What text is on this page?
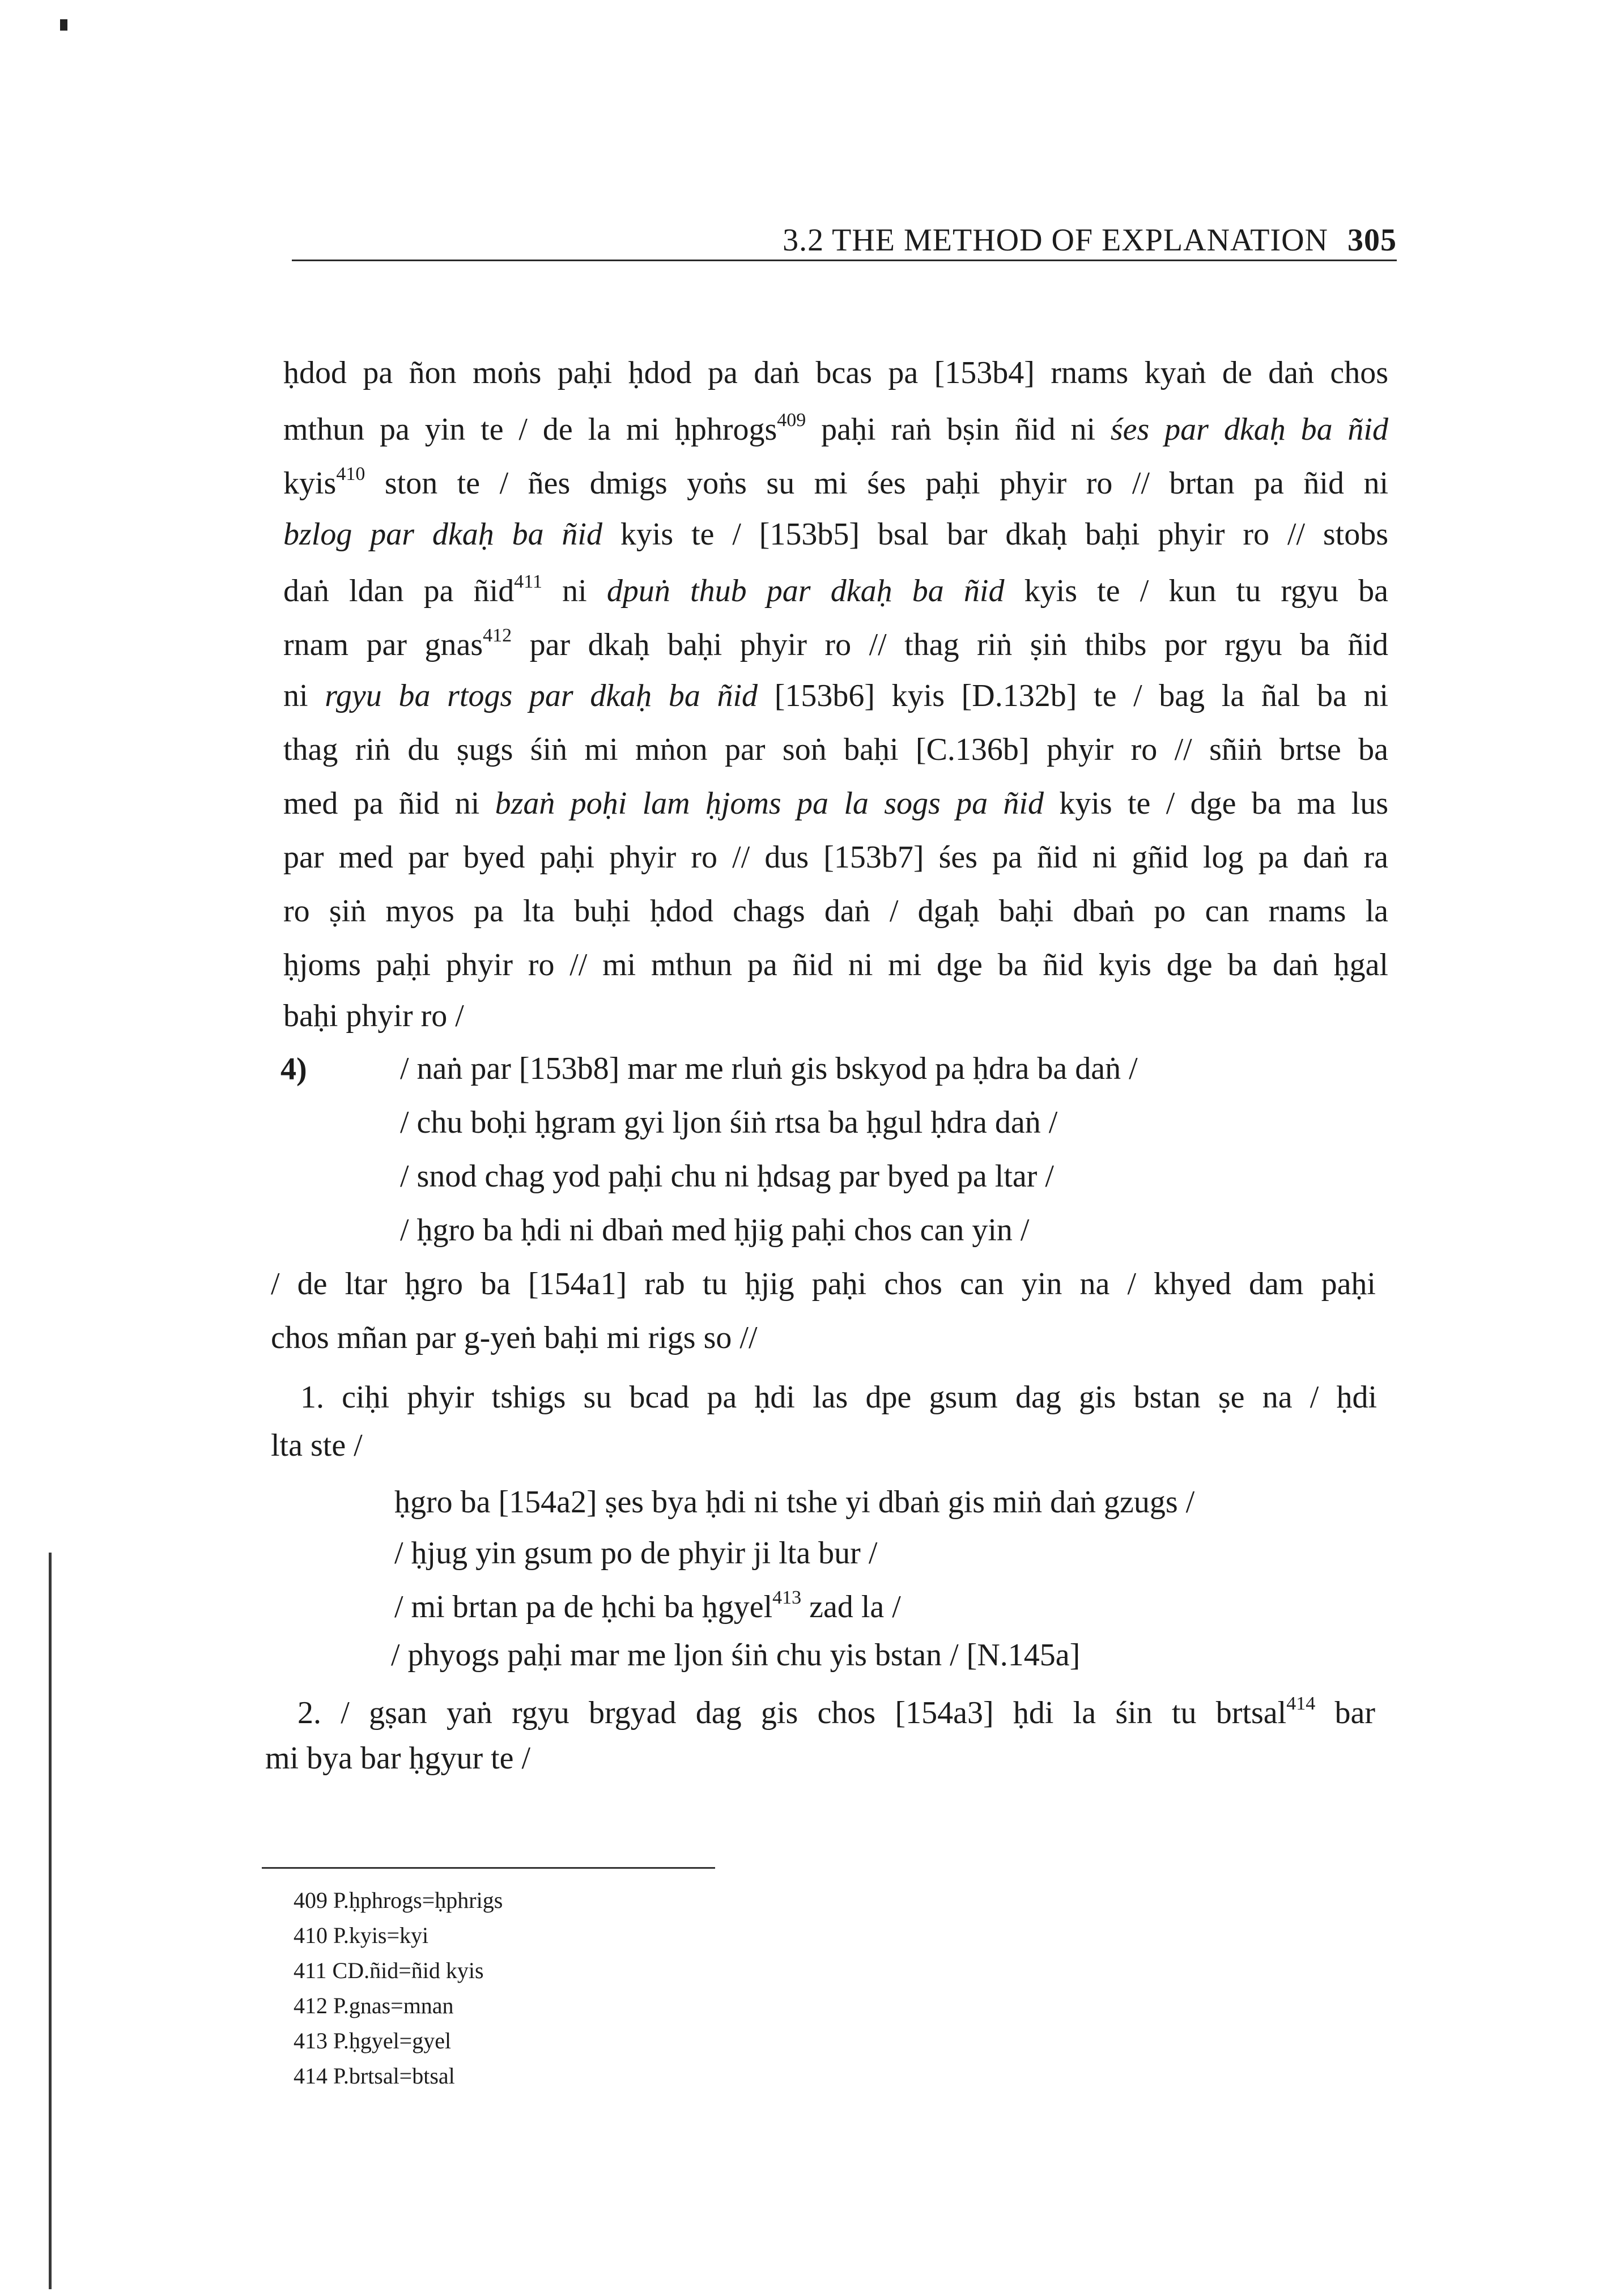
3.2 THE METHOD OF EXPLANATION 305
ḥdod pa ñon moṅs paḥi ḥdod pa daṅ bcas pa [153b4] rnams kyaṅ de daṅ chos
mthun pa yin te / de la mi ḥphrogs$^{409}$ paḥi raṅ bṣin ñid ni śes par dkaḥ ba ñid
kyis$^{410}$ ston te / ñes dmigs yoṅs su mi śes paḥi phyir ro // brtan pa ñid ni
bzlog par dkaḥ ba ñid kyis te / [153b5] bsal bar dkaḥ baḥi phyir ro // stobs
daṅ ldan pa ñid$^{411}$ ni dpuṅ thub par dkaḥ ba ñid kyis te / kun tu rgyu ba
rnam par gnas$^{412}$ par dkaḥ baḥi phyir ro // thag riṅ ṣiṅ thibs por rgyu ba ñid
ni rgyu ba rtogs par dkaḥ ba ñid [153b6] kyis [D.132b] te / bag la ñal ba ni
thag riṅ du ṣugs śiṅ mi mṅon par soṅ baḥi [C.136b] phyir ro // sñiṅ brtse ba
med pa ñid ni bzaṅ poḥi lam ḥjoms pa la sogs pa ñid kyis te / dge ba ma lus
par med par byed paḥi phyir ro // dus [153b7] śes pa ñid ni gñid log pa daṅ ra
ro ṣiṅ myos pa lta buḥi ḥdod chags daṅ / dgaḥ baḥi dbaṅ po can rnams la
ḥjoms paḥi phyir ro // mi mthun pa ñid ni mi dge ba ñid kyis dge ba daṅ ḥgal
baḥi phyir ro /
4)	/ naṅ par [153b8] mar me rluṅ gis bskyod pa ḥdra ba daṅ /
/ chu boḥi ḥgram gyi ljon śiṅ rtsa ba ḥgul ḥdra daṅ /
/ snod chag yod paḥi chu ni ḥdsag par byed pa ltar /
/ ḥgro ba ḥdi ni dbaṅ med ḥjig paḥi chos can yin /
/ de ltar ḥgro ba [154a1] rab tu ḥjig paḥi chos can yin na / khyed dam paḥi
chos mñan par g-yeṅ baḥi mi rigs so //
1. ciḥi phyir tshigs su bcad pa ḥdi las dpe gsum dag gis bstan ṣe na / ḥdi
lta ste /
ḥgro ba [154a2] ṣes bya ḥdi ni tshe yi dbaṅ gis miṅ daṅ gzugs /
/ ḥjug yin gsum po de phyir ji lta bur /
/ mi brtan pa de ḥchi ba ḥgyel$^{413}$ zad la /
/ phyogs paḥi mar me ljon śiṅ chu yis bstan / [N.145a]
2. / gṣan yaṅ rgyu brgyad dag gis chos [154a3] ḥdi la śin tu brtsal$^{414}$ bar
mi bya bar ḥgyur te /
409 P.ḥphrogs=ḥphrigs
410 P.kyis=kyi
411 CD.ñid=ñid kyis
412 P.gnas=mnan
413 P.ḥgyel=gyel
414 P.brtsal=btsal
